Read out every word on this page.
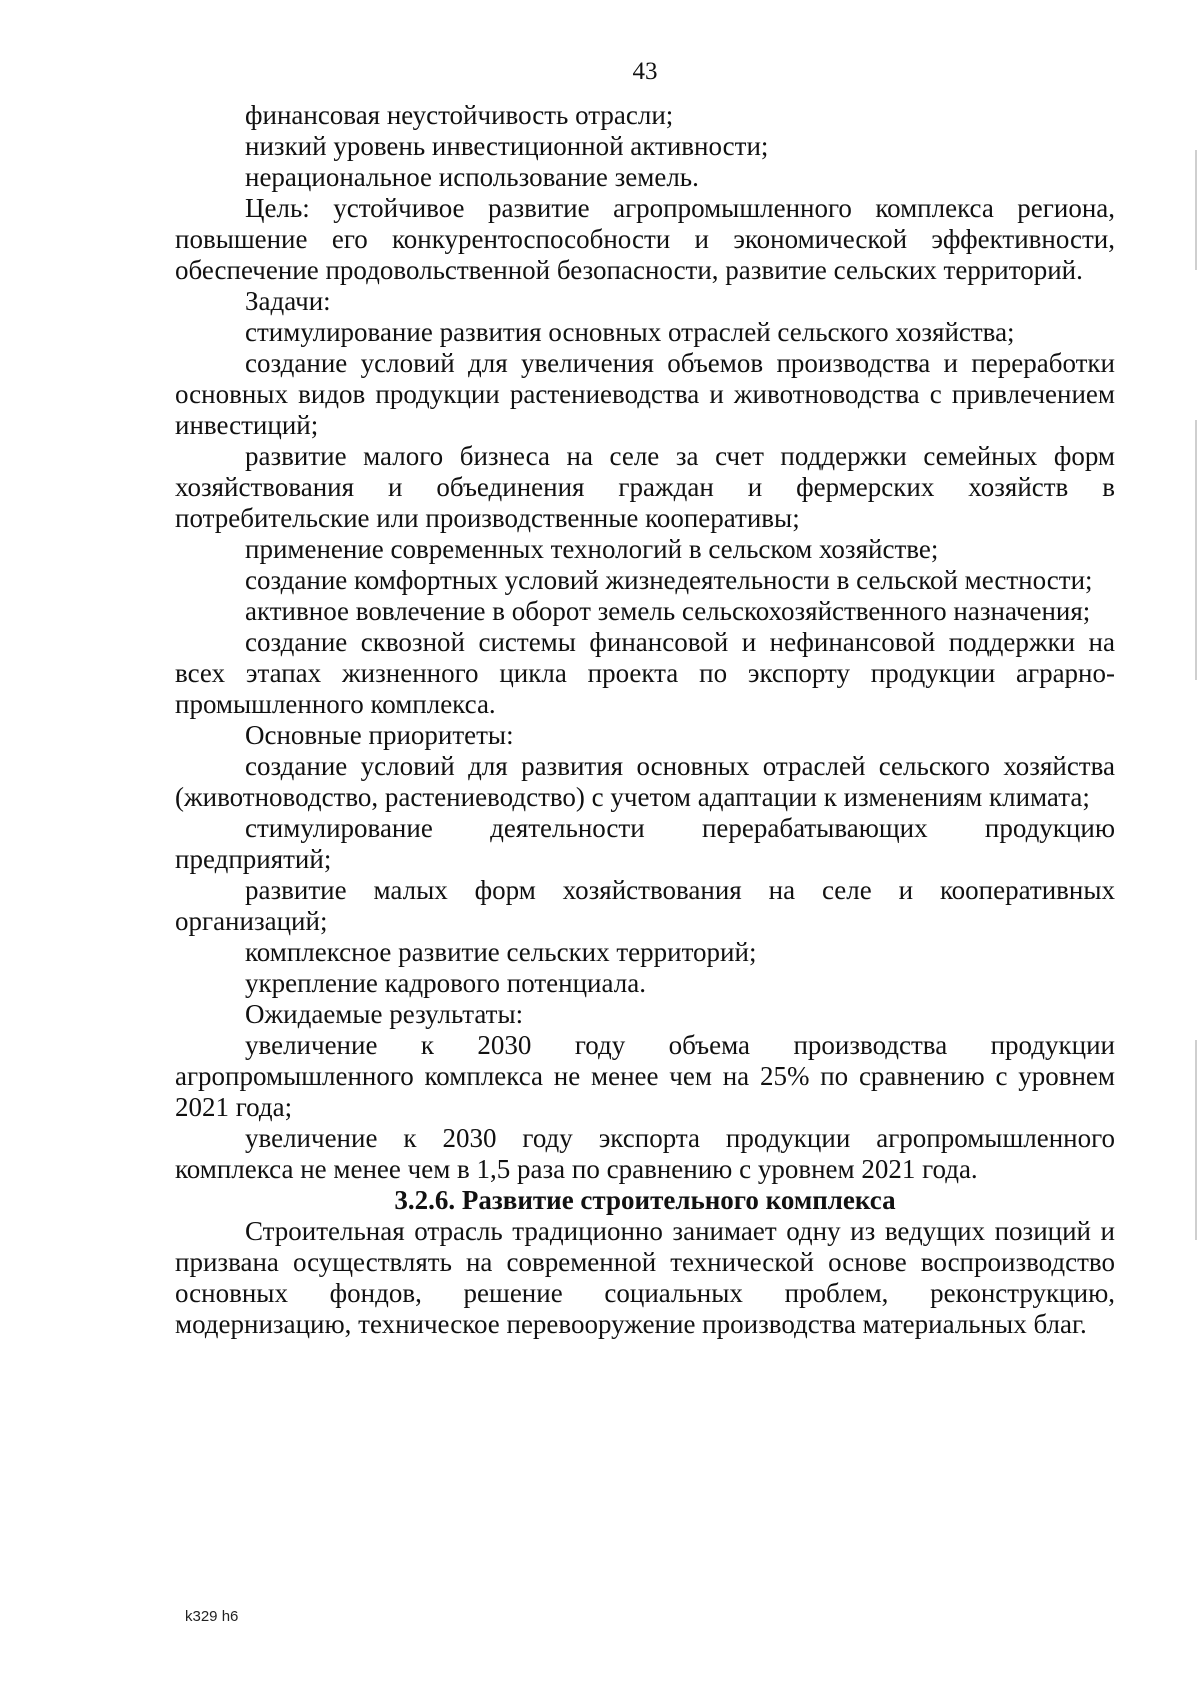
43

финансовая неустойчивость отрасли;

низкий уровень инвестиционной активности;

нерациональное использование земель.

Цель: устойчивое развитие агропромышленного комплекса региона, повышение его конкурентоспособности и экономической эффективности, обеспечение продовольственной безопасности, развитие сельских территорий.

Задачи:

стимулирование развития основных отраслей сельского хозяйства;

создание условий для увеличения объемов производства и переработки основных видов продукции растениеводства и животноводства с привлечением инвестиций;

развитие малого бизнеса на селе за счет поддержки семейных форм хозяйствования и объединения граждан и фермерских хозяйств в потребительские или производственные кооперативы;

применение современных технологий в сельском хозяйстве;

создание комфортных условий жизнедеятельности в сельской местности;

активное вовлечение в оборот земель сельскохозяйственного назначения;

создание сквозной системы финансовой и нефинансовой поддержки на всех этапах жизненного цикла проекта по экспорту продукции аграрно-промышленного комплекса.

Основные приоритеты:

создание условий для развития основных отраслей сельского хозяйства (животноводство, растениеводство) с учетом адаптации к изменениям климата;

стимулирование деятельности перерабатывающих продукцию предприятий;

развитие малых форм хозяйствования на селе и кооперативных организаций;

комплексное развитие сельских территорий;

укрепление кадрового потенциала.

Ожидаемые результаты:

увеличение к 2030 году объема производства продукции агропромышленного комплекса не менее чем на 25% по сравнению с уровнем 2021 года;

увеличение к 2030 году экспорта продукции агропромышленного комплекса не менее чем в 1,5 раза по сравнению с уровнем 2021 года.

3.2.6. Развитие строительного комплекса

Строительная отрасль традиционно занимает одну из ведущих позиций и призвана осуществлять на современной технической основе воспроизводство основных фондов, решение социальных проблем, реконструкцию, модернизацию, техническое перевооружение производства материальных благ.

k329 h6
